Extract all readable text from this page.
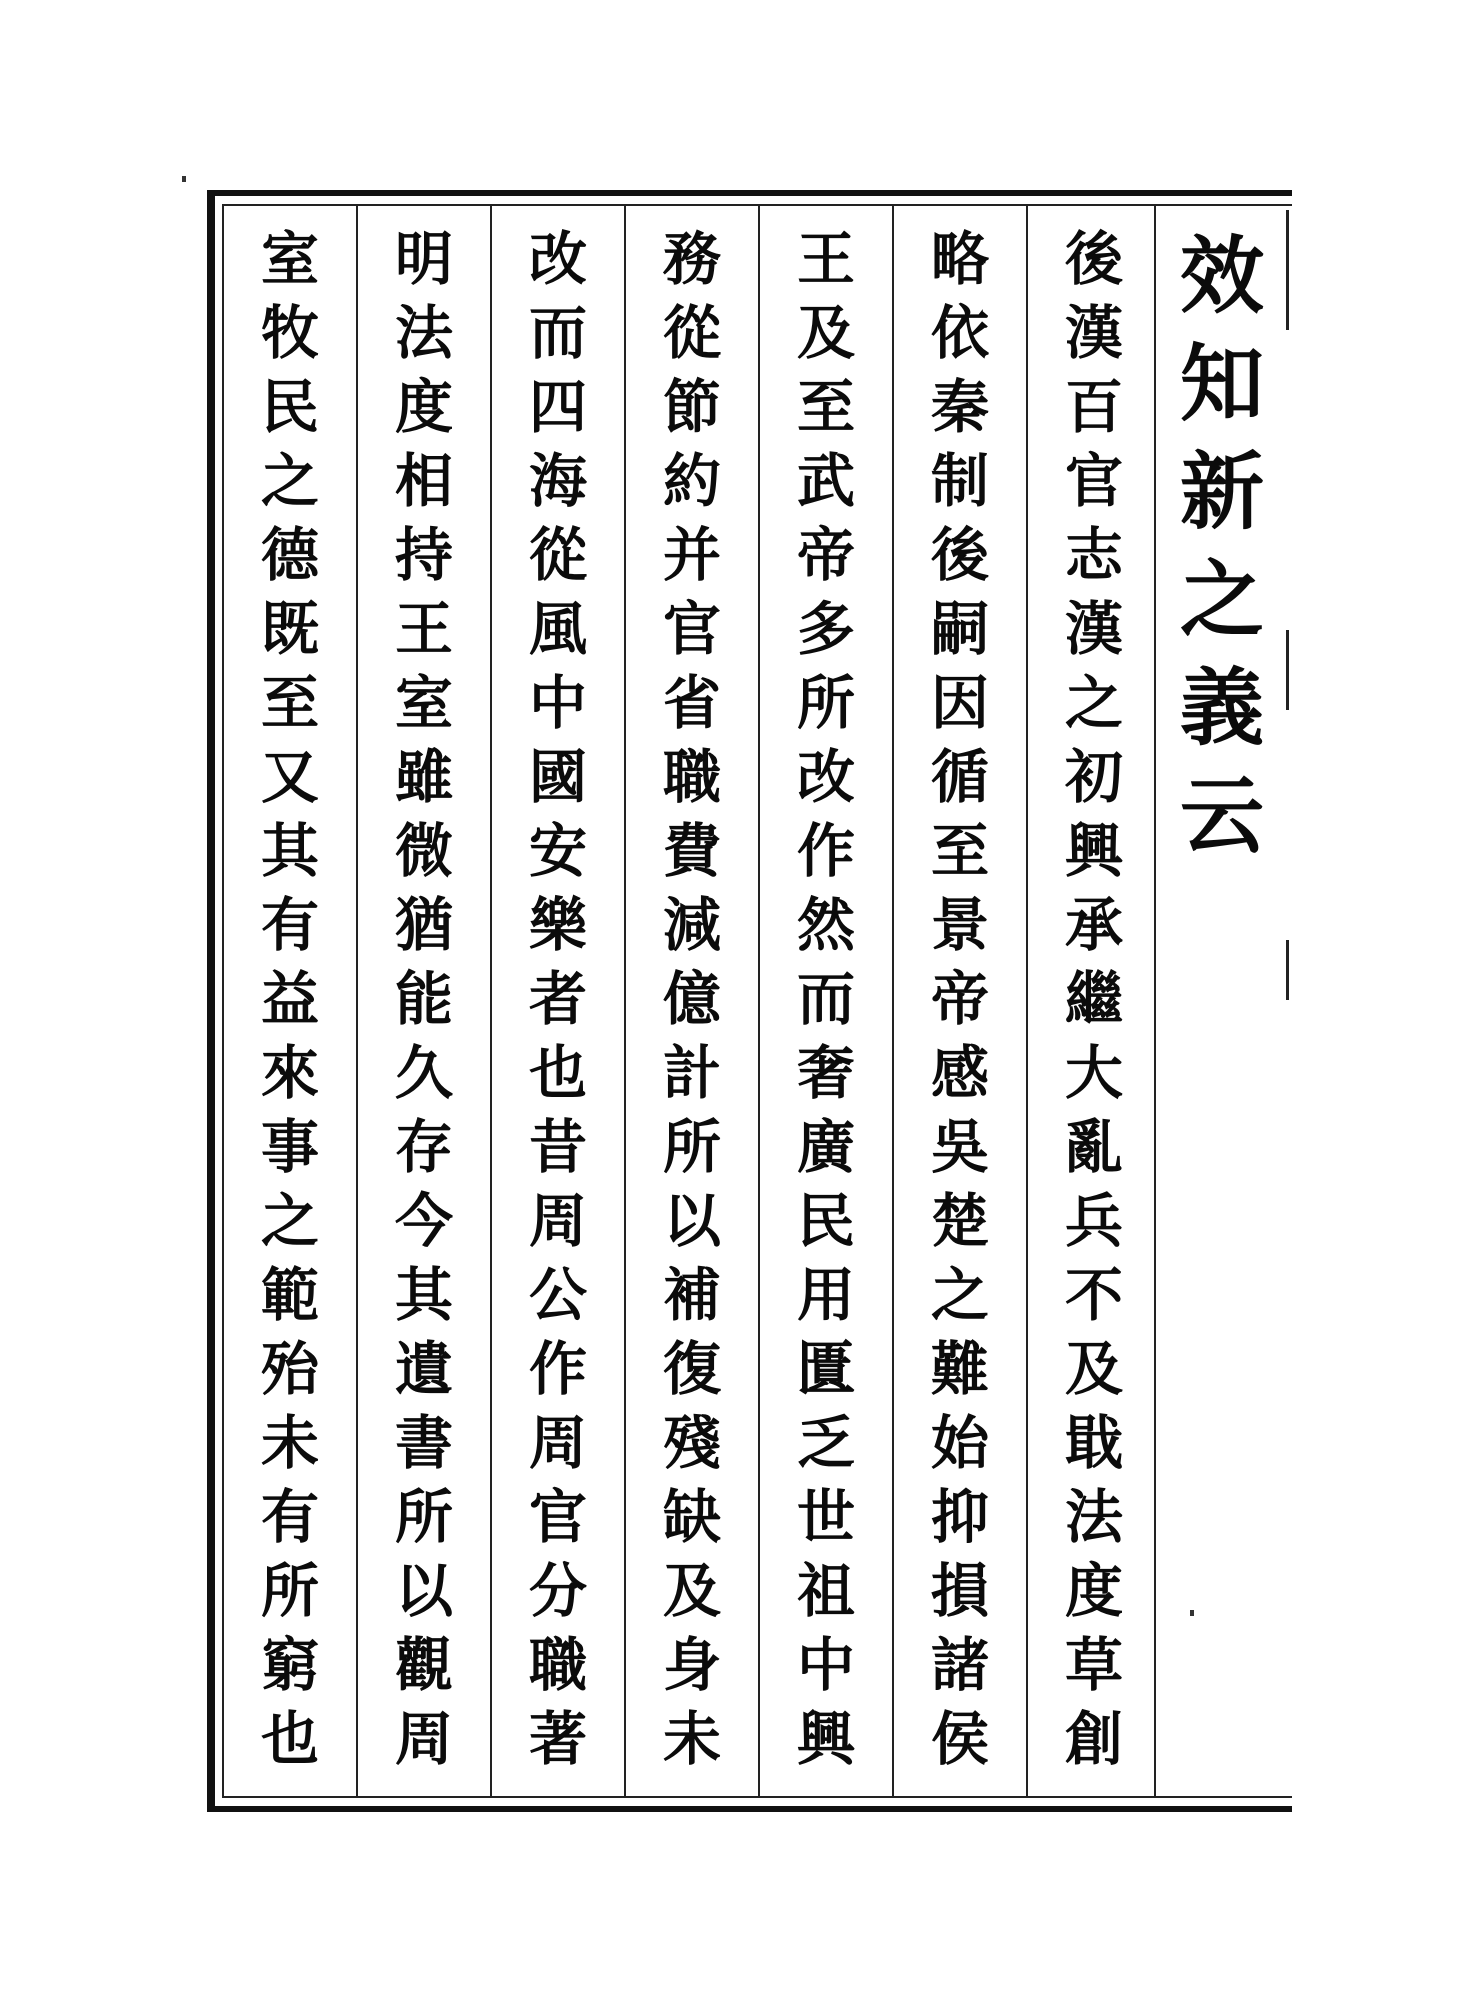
效
知
新
之
義
云
後
漢
百
官
志
漢
之
初
興
承
繼
大
亂
兵
不
及
戢
法
度
草
創
略
依
秦
制
後
嗣
因
循
至
景
帝
感
吳
楚
之
難
始
抑
損
諸
侯
王
及
至
武
帝
多
所
改
作
然
而
奢
廣
民
用
匱
乏
世
祖
中
興
務
從
節
約
并
官
省
職
費
減
億
計
所
以
補
復
殘
缺
及
身
未
改
而
四
海
從
風
中
國
安
樂
者
也
昔
周
公
作
周
官
分
職
著
明
法
度
相
持
王
室
雖
微
猶
能
久
存
今
其
遺
書
所
以
觀
周
室
牧
民
之
德
既
至
又
其
有
益
來
事
之
範
殆
未
有
所
窮
也
